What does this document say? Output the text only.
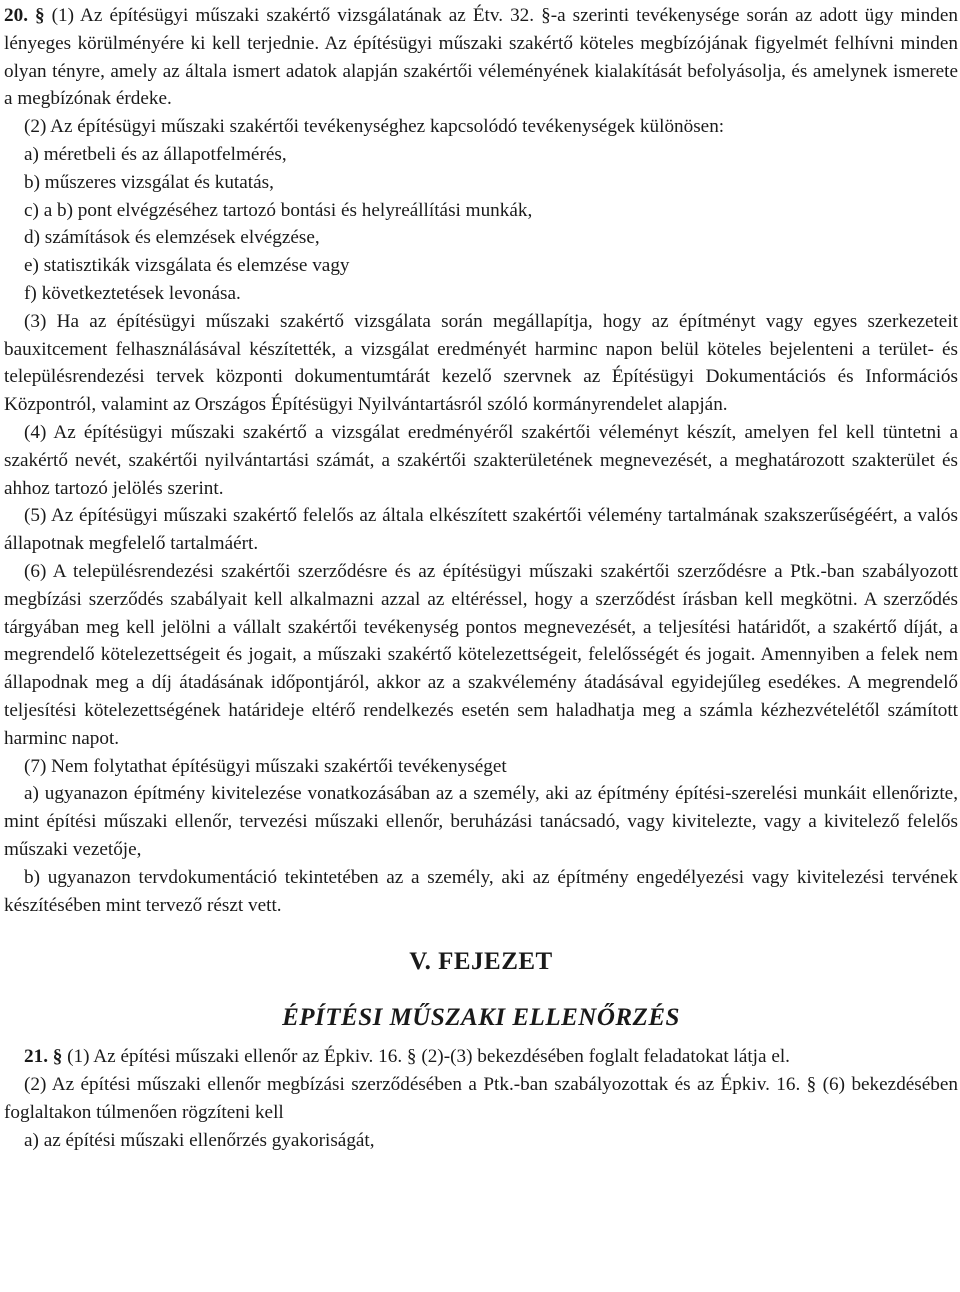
20. § (1) Az építésügyi műszaki szakértő vizsgálatának az Étv. 32. §-a szerinti tevékenysége során az adott ügy minden lényeges körülményére ki kell terjednie. Az építésügyi műszaki szakértő köteles megbízójának figyelmét felhívni minden olyan tényre, amely az általa ismert adatok alapján szakértői véleményének kialakítását befolyásolja, és amelynek ismerete a megbízónak érdeke.

(2) Az építésügyi műszaki szakértői tevékenységhez kapcsolódó tevékenységek különösen:

a) méretbeli és az állapotfelmérés,

b) műszeres vizsgálat és kutatás,

c) a b) pont elvégzéséhez tartozó bontási és helyreállítási munkák,

d) számítások és elemzések elvégzése,

e) statisztikák vizsgálata és elemzése vagy

f) következtetések levonása.

(3) Ha az építésügyi műszaki szakértő vizsgálata során megállapítja, hogy az építményt vagy egyes szerkezeteit bauxitcement felhasználásával készítették, a vizsgálat eredményét harminc napon belül köteles bejelenteni a terület- és településrendezési tervek központi dokumentumtárát kezelő szervnek az Építésügyi Dokumentációs és Információs Központról, valamint az Országos Építésügyi Nyilvántartásról szóló kormányrendelet alapján.

(4) Az építésügyi műszaki szakértő a vizsgálat eredményéről szakértői véleményt készít, amelyen fel kell tüntetni a szakértő nevét, szakértői nyilvántartási számát, a szakértői szakterületének megnevezését, a meghatározott szakterület és ahhoz tartozó jelölés szerint.

(5) Az építésügyi műszaki szakértő felelős az általa elkészített szakértői vélemény tartalmának szakszerűségéért, a valós állapotnak megfelelő tartalmáért.

(6) A településrendezési szakértői szerződésre és az építésügyi műszaki szakértői szerződésre a Ptk.-ban szabályozott megbízási szerződés szabályait kell alkalmazni azzal az eltéréssel, hogy a szerződést írásban kell megkötni. A szerződés tárgyában meg kell jelölni a vállalt szakértői tevékenység pontos megnevezését, a teljesítési határidőt, a szakértő díját, a megrendelő kötelezettségeit és jogait, a műszaki szakértő kötelezettségeit, felelősségét és jogait. Amennyiben a felek nem állapodnak meg a díj átadásának időpontjáról, akkor az a szakvélemény átadásával egyidejűleg esedékes. A megrendelő teljesítési kötelezettségének határideje eltérő rendelkezés esetén sem haladhatja meg a számla kézhezvételétől számított harminc napot.

(7) Nem folytathat építésügyi műszaki szakértői tevékenységet

a) ugyanazon építmény kivitelezése vonatkozásában az a személy, aki az építmény építési-szerelési munkáit ellenőrizte, mint építési műszaki ellenőr, tervezési műszaki ellenőr, beruházási tanácsadó, vagy kivitelezte, vagy a kivitelező felelős műszaki vezetője,

b) ugyanazon tervdokumentáció tekintetében az a személy, aki az építmény engedélyezési vagy kivitelezési tervének készítésében mint tervező részt vett.

V. FEJEZET
ÉPÍTÉSI MŰSZAKI ELLENŐRZÉS

21. § (1) Az építési műszaki ellenőr az Épkiv. 16. § (2)-(3) bekezdésében foglalt feladatokat látja el.

(2) Az építési műszaki ellenőr megbízási szerződésében a Ptk.-ban szabályozottak és az Épkiv. 16. § (6) bekezdésében foglaltakon túlmenően rögzíteni kell

a) az építési műszaki ellenőrzés gyakoriságát,
